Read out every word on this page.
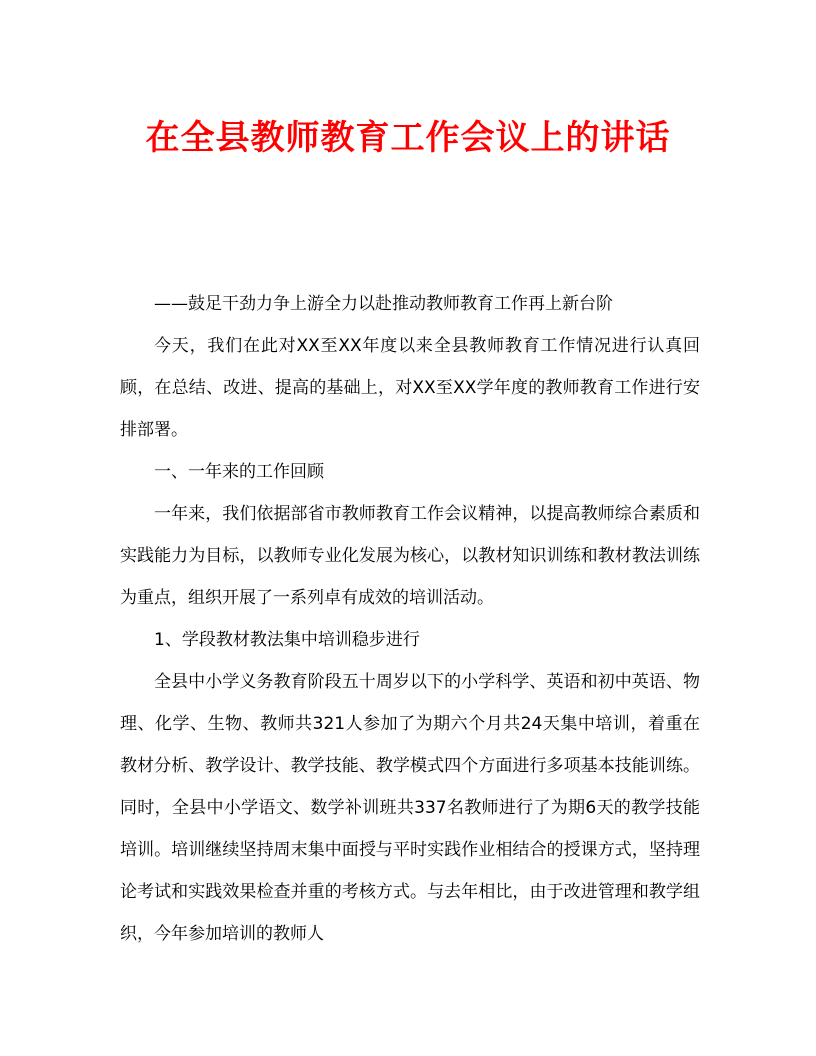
在全县教师教育工作会议上的讲话

——鼓足干劲力争上游全力以赴推动教师教育工作再上新台阶

今天，我们在此对XX至XX年度以来全县教师教育工作情况进行认真回顾，在总结、改进、提高的基础上，对XX至XX学年度的教师教育工作进行安排部署。

一、一年来的工作回顾

一年来，我们依据部省市教师教育工作会议精神，以提高教师综合素质和实践能力为目标，以教师专业化发展为核心，以教材知识训练和教材教法训练为重点，组织开展了一系列卓有成效的培训活动。

1、学段教材教法集中培训稳步进行

全县中小学义务教育阶段五十周岁以下的小学科学、英语和初中英语、物理、化学、生物、教师共321人参加了为期六个月共24天集中培训，着重在教材分析、教学设计、教学技能、教学模式四个方面进行多项基本技能训练。同时，全县中小学语文、数学补训班共337名教师进行了为期6天的教学技能培训。培训继续坚持周末集中面授与平时实践作业相结合的授课方式，坚持理论考试和实践效果检查并重的考核方式。与去年相比，由于改进管理和教学组织，今年参加培训的教师人
